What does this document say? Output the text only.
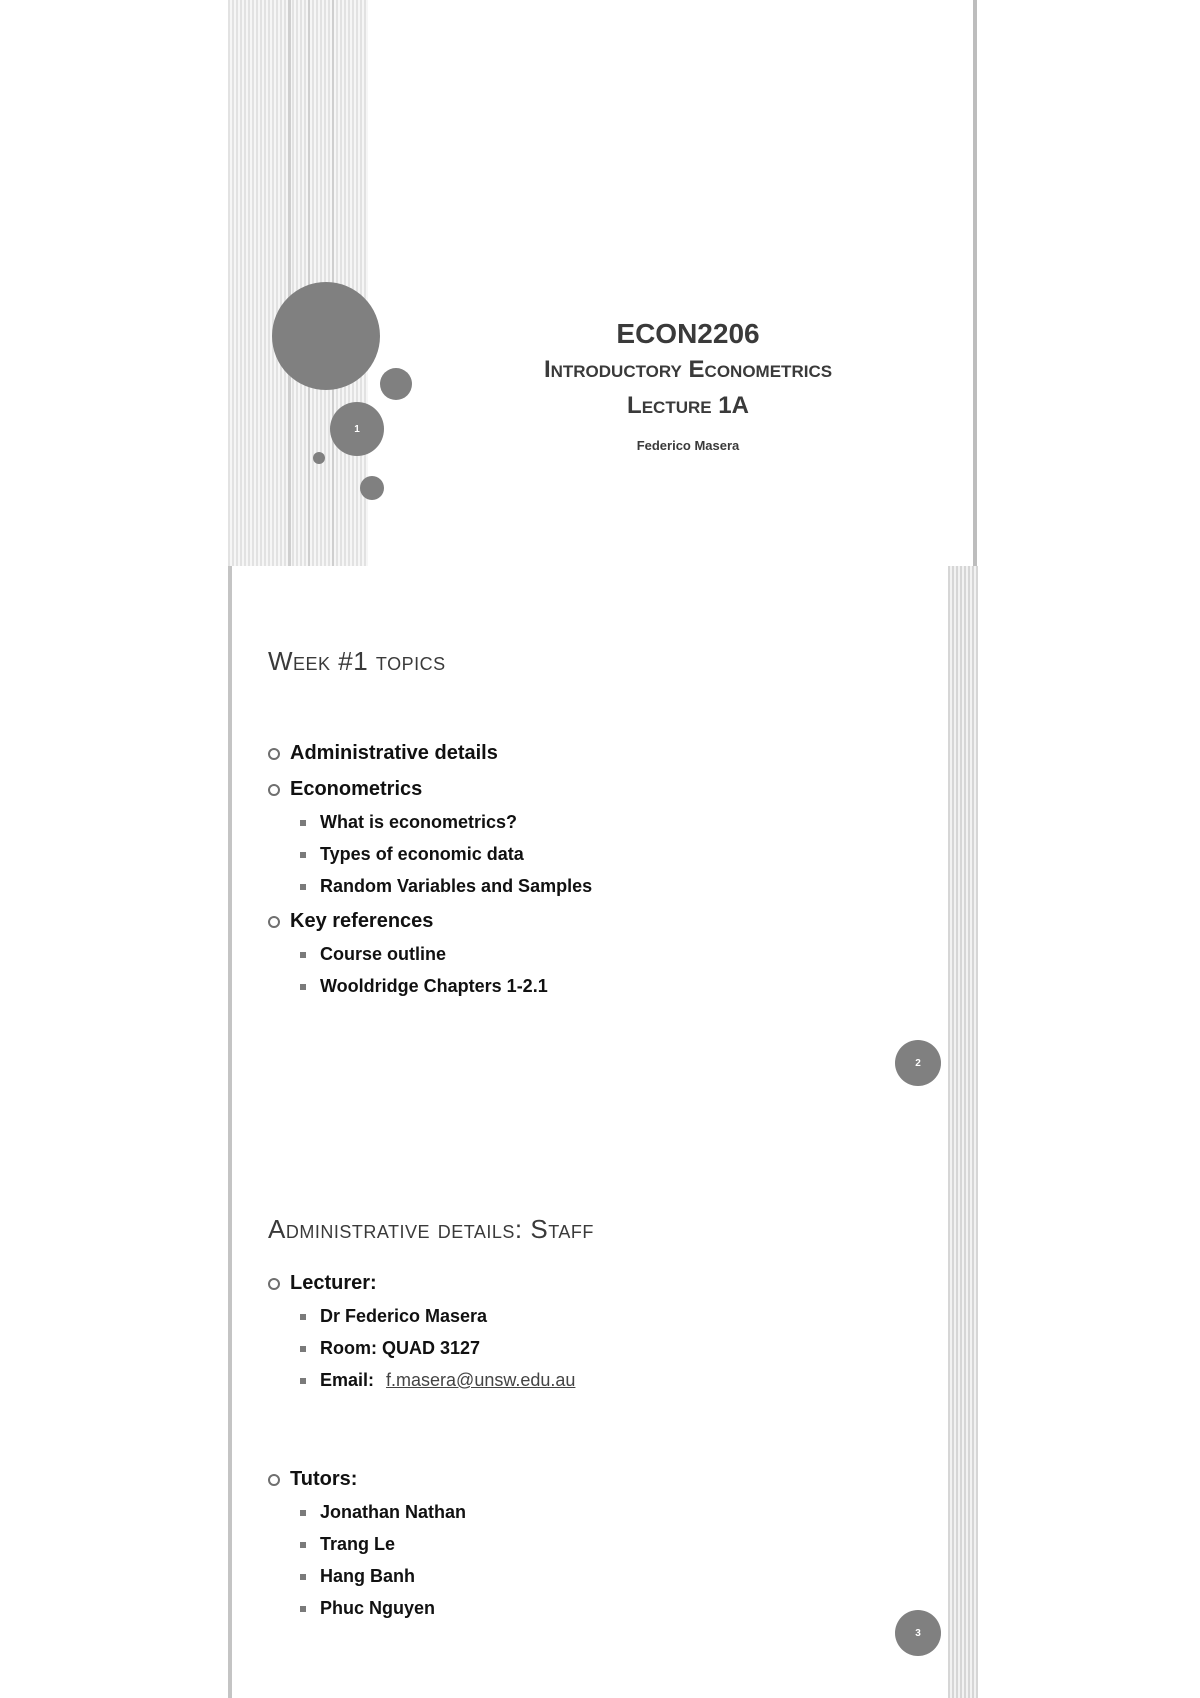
1
ECON2206
Introductory Econometrics
Lecture 1A
Federico Masera
Week #1 topics
Administrative details
Econometrics
What is econometrics?
Types of economic data
Random Variables and Samples
Key references
Course outline
Wooldridge Chapters 1-2.1
2
Administrative details: Staff
Lecturer:
Dr Federico Masera
Room: QUAD 3127
Email: f.masera@unsw.edu.au
Tutors:
Jonathan Nathan
Trang Le
Hang Banh
Phuc Nguyen
3
